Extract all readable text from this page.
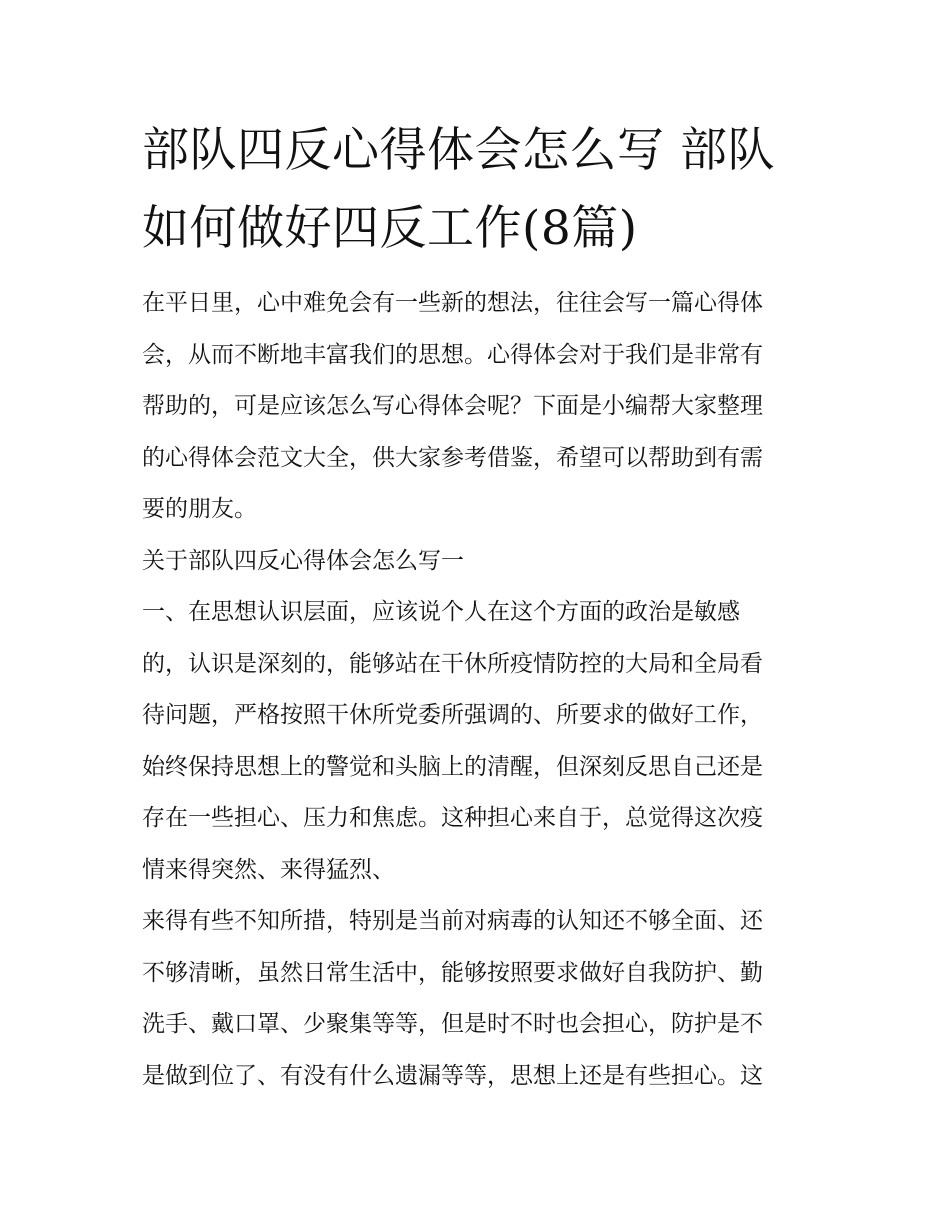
部队四反心得体会怎么写 部队
如何做好四反工作(8篇)

在平日里，心中难免会有一些新的想法，往往会写一篇心得体
会，从而不断地丰富我们的思想。心得体会对于我们是非常有
帮助的，可是应该怎么写心得体会呢？下面是小编帮大家整理
的心得体会范文大全，供大家参考借鉴，希望可以帮助到有需
要的朋友。

关于部队四反心得体会怎么写一

一、在思想认识层面，应该说个人在这个方面的政治是敏感
的，认识是深刻的，能够站在干休所疫情防控的大局和全局看
待问题，严格按照干休所党委所强调的、所要求的做好工作，
始终保持思想上的警觉和头脑上的清醒，但深刻反思自己还是
存在一些担心、压力和焦虑。这种担心来自于，总觉得这次疫
情来得突然、来得猛烈、

来得有些不知所措，特别是当前对病毒的认知还不够全面、还
不够清晰，虽然日常生活中，能够按照要求做好自我防护、勤
洗手、戴口罩、少聚集等等，但是时不时也会担心，防护是不
是做到位了、有没有什么遗漏等等，思想上还是有些担心。这
